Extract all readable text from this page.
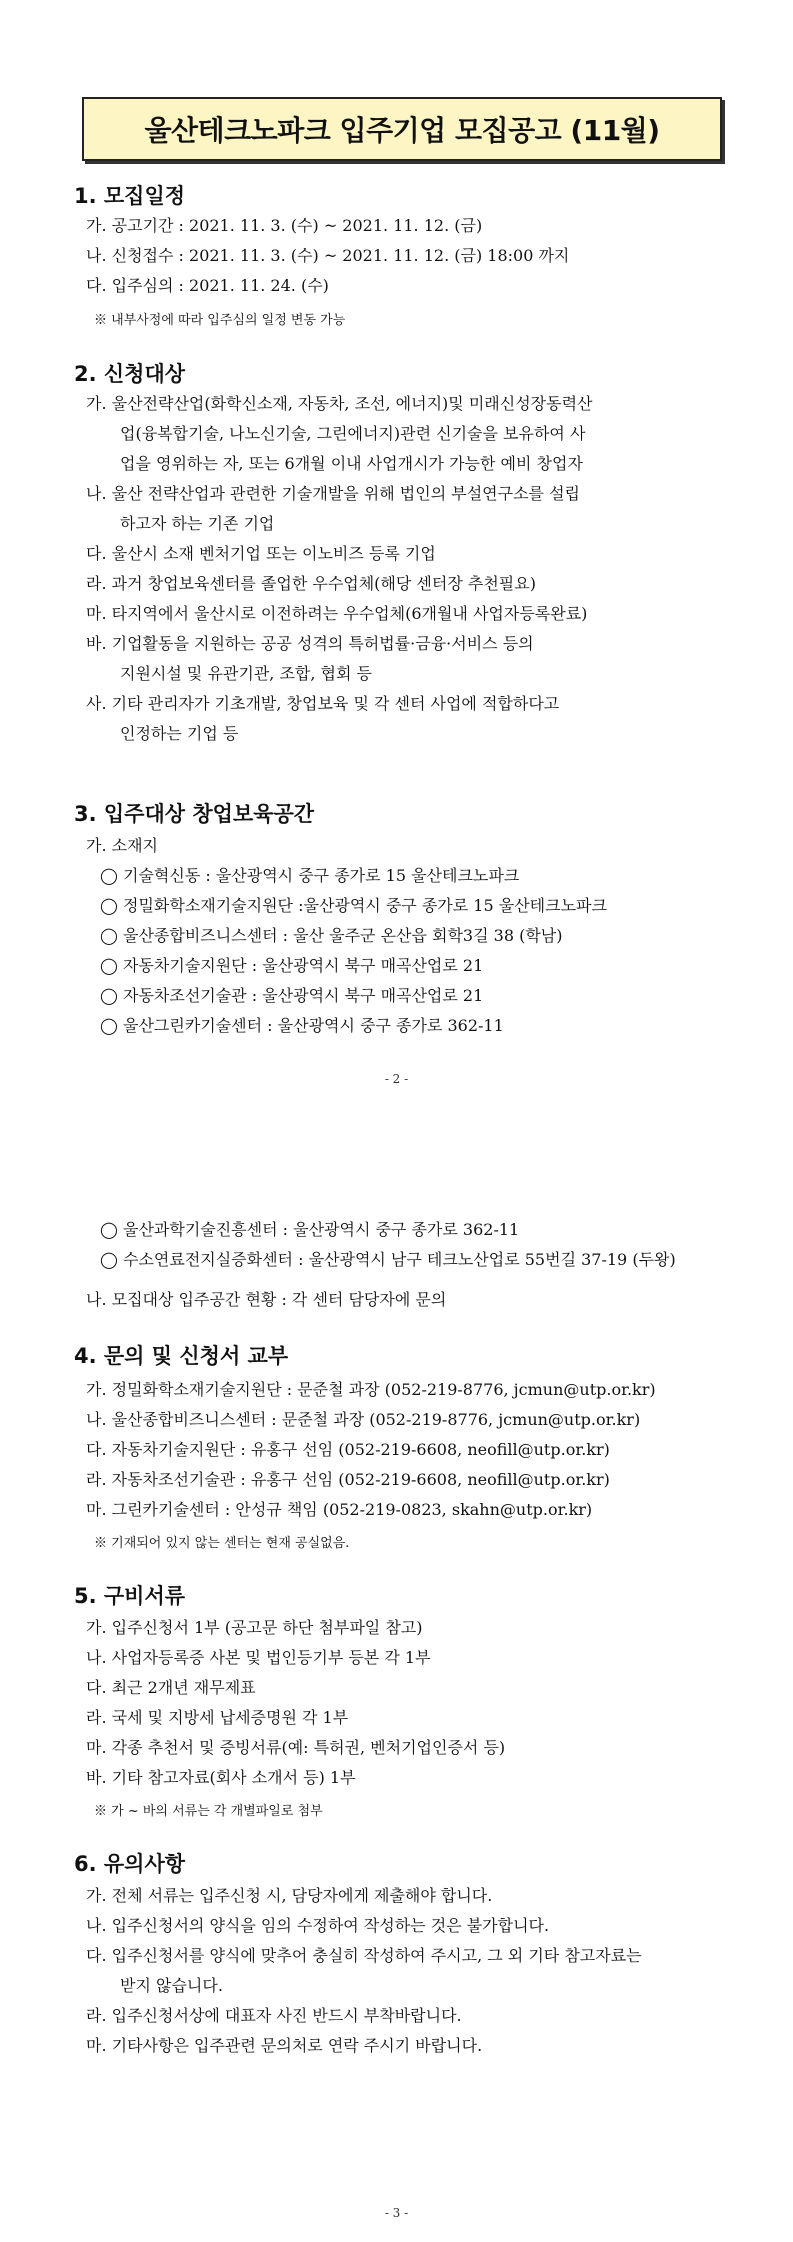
울산테크노파크 입주기업 모집공고 (11월)
1. 모집일정
가. 공고기간 : 2021. 11. 3. (수) ~ 2021. 11. 12. (금)
나. 신청접수 : 2021. 11. 3. (수) ~ 2021. 11. 12. (금) 18:00 까지
다. 입주심의 : 2021. 11. 24. (수)
※ 내부사정에 따라 입주심의 일정 변동 가능
2. 신청대상
가. 울산전략산업(화학신소재, 자동차, 조선, 에너지)및 미래신성장동력산
업(융복합기술, 나노신기술, 그린에너지)관련 신기술을 보유하여 사
업을 영위하는 자, 또는 6개월 이내 사업개시가 가능한 예비 창업자
나. 울산 전략산업과 관련한 기술개발을 위해 법인의 부설연구소를 설립
하고자 하는 기존 기업
다. 울산시 소재 벤처기업 또는 이노비즈 등록 기업
라. 과거 창업보육센터를 졸업한 우수업체(해당 센터장 추천필요)
마. 타지역에서 울산시로 이전하려는 우수업체(6개월내 사업자등록완료)
바. 기업활동을 지원하는 공공 성격의 특허법률·금융·서비스 등의
지원시설 및 유관기관, 조합, 협회 등
사. 기타 관리자가 기초개발, 창업보육 및 각 센터 사업에 적합하다고
인정하는 기업 등
3. 입주대상 창업보육공간
가. 소재지
◯ 기술혁신동 : 울산광역시 중구 종가로 15 울산테크노파크
◯ 정밀화학소재기술지원단 :울산광역시 중구 종가로 15 울산테크노파크
◯ 울산종합비즈니스센터 : 울산 울주군 온산읍 회학3길 38 (학남)
◯ 자동차기술지원단 : 울산광역시 북구 매곡산업로 21
◯ 자동차조선기술관 : 울산광역시 북구 매곡산업로 21
◯ 울산그린카기술센터 : 울산광역시 중구 종가로 362-11
- 2 -
◯ 울산과학기술진흥센터 : 울산광역시 중구 종가로 362-11
◯ 수소연료전지실증화센터 : 울산광역시 남구 테크노산업로 55번길 37-19 (두왕)
나. 모집대상 입주공간 현황 : 각 센터 담당자에 문의
4. 문의 및 신청서 교부
가. 정밀화학소재기술지원단 : 문준철 과장 (052-219-8776, jcmun@utp.or.kr)
나. 울산종합비즈니스센터 : 문준철 과장 (052-219-8776, jcmun@utp.or.kr)
다. 자동차기술지원단 : 유홍구 선임 (052-219-6608, neofill@utp.or.kr)
라. 자동차조선기술관 : 유홍구 선임 (052-219-6608, neofill@utp.or.kr)
마. 그린카기술센터 : 안성규 책임 (052-219-0823, skahn@utp.or.kr)
※ 기재되어 있지 않는 센터는 현재 공실없음.
5. 구비서류
가. 입주신청서 1부 (공고문 하단 첨부파일 참고)
나. 사업자등록증 사본 및 법인등기부 등본 각 1부
다. 최근 2개년 재무제표
라. 국세 및 지방세 납세증명원 각 1부
마. 각종 추천서 및 증빙서류(예: 특허권, 벤처기업인증서 등)
바. 기타 참고자료(회사 소개서 등) 1부
※ 가 ~ 바의 서류는 각 개별파일로 첨부
6. 유의사항
가. 전체 서류는 입주신청 시, 담당자에게 제출해야 합니다.
나. 입주신청서의 양식을 임의 수정하여 작성하는 것은 불가합니다.
다. 입주신청서를 양식에 맞추어 충실히 작성하여 주시고, 그 외 기타 참고자료는
받지 않습니다.
라. 입주신청서상에 대표자 사진 반드시 부착바랍니다.
마. 기타사항은 입주관련 문의처로 연락 주시기 바랍니다.
- 3 -
